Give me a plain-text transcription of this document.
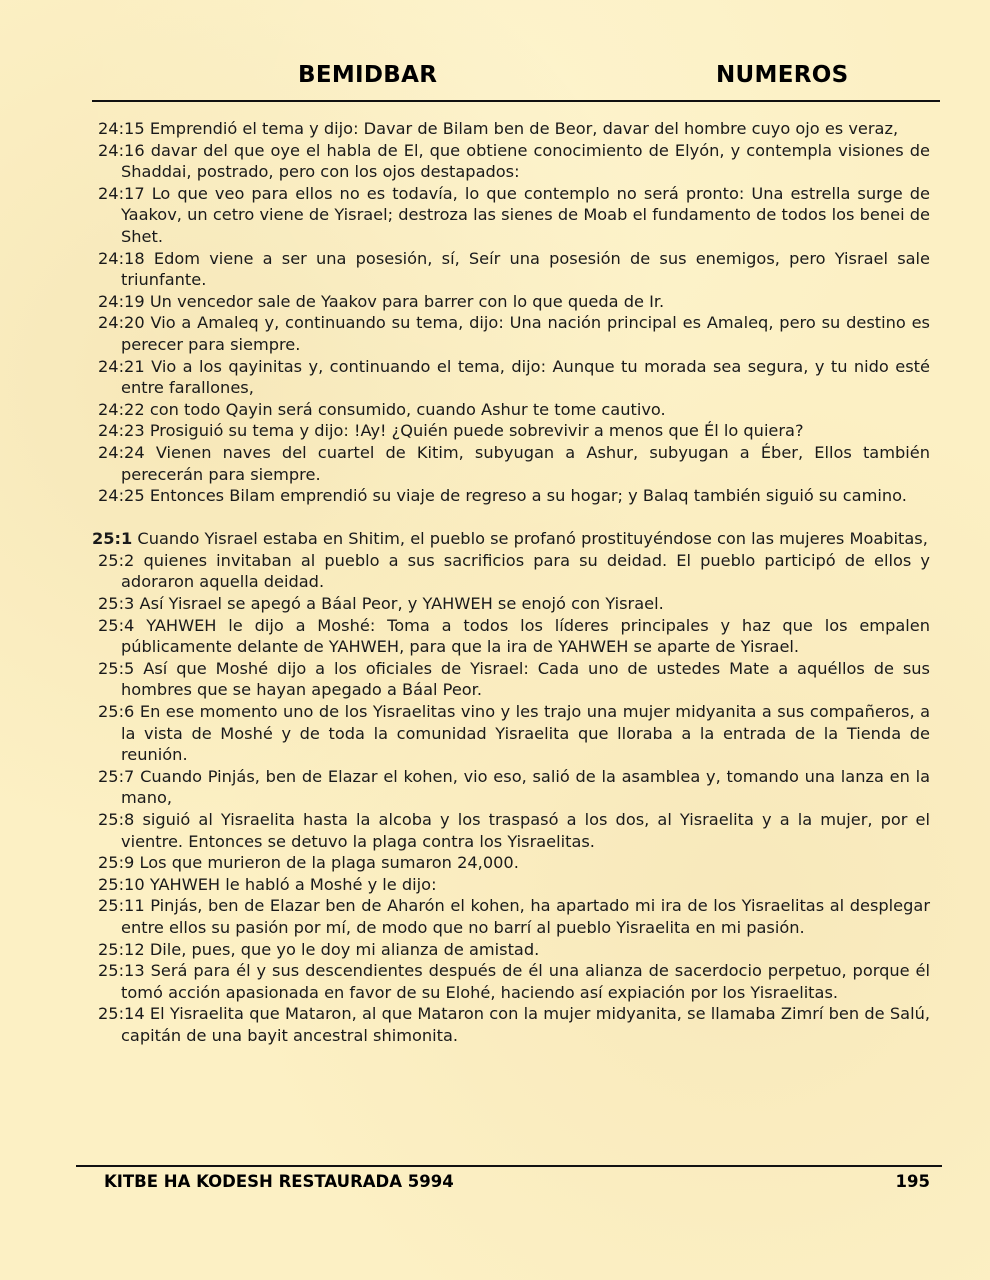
BEMIDBAR	NUMEROS

24:15 Emprendió el tema y dijo: Davar de Bilam ben de Beor, davar del hombre cuyo ojo es veraz,

24:16 davar del que oye el habla de El, que obtiene conocimiento de Elyón, y contempla visiones de Shaddai, postrado, pero con los ojos destapados:

24:17 Lo que veo para ellos no es todavía, lo que contemplo no será pronto: Una estrella surge de Yaakov, un cetro viene de Yisrael; destroza las sienes de Moab el fundamento de todos los benei de Shet.

24:18 Edom viene a ser una posesión, sí, Seír una posesión de sus enemigos, pero Yisrael sale triunfante.

24:19 Un vencedor sale de Yaakov para barrer con lo que queda de Ir.

24:20 Vio a Amaleq y, continuando su tema, dijo: Una nación principal es Amaleq, pero su destino es perecer para siempre.

24:21 Vio a los qayinitas y, continuando el tema, dijo: Aunque tu morada sea segura, y tu nido esté entre farallones,

24:22 con todo Qayin será consumido, cuando Ashur te tome cautivo.

24:23 Prosiguió su tema y dijo: !Ay! ¿Quién puede sobrevivir a menos que Él lo quiera?

24:24 Vienen naves del cuartel de Kitim, subyugan a Ashur, subyugan a Éber, Ellos también perecerán para siempre.

24:25 Entonces Bilam emprendió su viaje de regreso a su hogar; y Balaq también siguió su camino.

25:1 Cuando Yisrael estaba en Shitim, el pueblo se profanó prostituyéndose con las mujeres Moabitas,

25:2 quienes invitaban al pueblo a sus sacrificios para su deidad. El pueblo participó de ellos y adoraron aquella deidad.

25:3 Así Yisrael se apegó a Báal Peor, y YAHWEH se enojó con Yisrael.

25:4 YAHWEH le dijo a Moshé: Toma a todos los líderes principales y haz que los empalen públicamente delante de YAHWEH, para que la ira de YAHWEH se aparte de Yisrael.

25:5 Así que Moshé dijo a los oficiales de Yisrael: Cada uno de ustedes Mate a aquéllos de sus hombres que se hayan apegado a Báal Peor.

25:6 En ese momento uno de los Yisraelitas vino y les trajo una mujer midyanita a sus compañeros, a la vista de Moshé y de toda la comunidad Yisraelita que lloraba a la entrada de la Tienda de reunión.

25:7 Cuando Pinjás, ben de Elazar el kohen, vio eso, salió de la asamblea y, tomando una lanza en la mano,

25:8 siguió al Yisraelita hasta la alcoba y los traspasó a los dos, al Yisraelita y a la mujer, por el vientre. Entonces se detuvo la plaga contra los Yisraelitas.

25:9 Los que murieron de la plaga sumaron 24,000.

25:10 YAHWEH le habló a Moshé y le dijo:

25:11 Pinjás, ben de Elazar ben de Aharón el kohen, ha apartado mi ira de los Yisraelitas al desplegar entre ellos su pasión por mí, de modo que no barrí al pueblo Yisraelita en mi pasión.

25:12 Dile, pues, que yo le doy mi alianza de amistad.

25:13 Será para él y sus descendientes después de él una alianza de sacerdocio perpetuo, porque él tomó acción apasionada en favor de su Elohé, haciendo así expiación por los Yisraelitas.

25:14 El Yisraelita que Mataron, al que Mataron con la mujer midyanita, se llamaba Zimrí ben de Salú, capitán de una bayit ancestral shimonita.

KITBE HA KODESH RESTAURADA 5994	195
